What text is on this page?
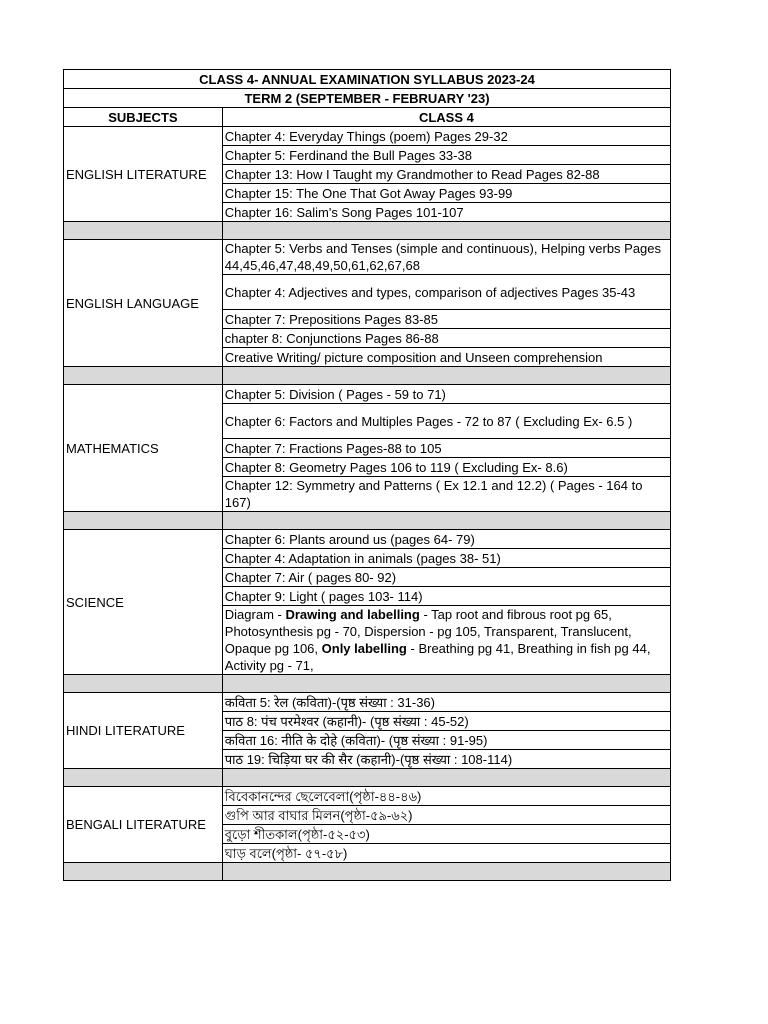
CLASS 4- ANNUAL EXAMINATION SYLLABUS 2023-24	
TERM 2 (SEPTEMBER - FEBRUARY '23)	
SUBJECTS	CLASS 4
ENGLISH LITERATURE	Chapter 4: Everyday Things (poem) Pages 29-32
	Chapter 5: Ferdinand the Bull Pages 33-38
	Chapter 13: How I Taught my Grandmother to Read Pages 82-88
	Chapter 15: The One That Got Away Pages 93-99
	Chapter 16: Salim's Song Pages 101-107

ENGLISH LANGUAGE	Chapter 5: Verbs and Tenses (simple and continuous), Helping verbs Pages 44,45,46,47,48,49,50,61,62,67,68
	Chapter 4: Adjectives and types, comparison of adjectives Pages 35-43
	Chapter 7: Prepositions Pages 83-85
	chapter 8: Conjunctions Pages 86-88
	Creative Writing/ picture composition and Unseen comprehension

MATHEMATICS	Chapter 5: Division ( Pages - 59 to 71)
	Chapter 6: Factors and Multiples Pages - 72 to 87 ( Excluding Ex- 6.5 )
	Chapter 7: Fractions Pages-88 to 105
	Chapter 8: Geometry Pages 106 to 119 ( Excluding Ex- 8.6)
	Chapter 12: Symmetry and Patterns ( Ex 12.1 and 12.2) ( Pages - 164 to 167)

SCIENCE	Chapter 6: Plants around us (pages 64- 79)
	Chapter 4: Adaptation in animals (pages 38- 51)
	Chapter 7: Air ( pages 80- 92)
	Chapter 9: Light ( pages 103- 114)
	Diagram - Drawing and labelling - Tap root and fibrous root pg 65, Photosynthesis pg - 70, Dispersion - pg 105, Transparent, Translucent, Opaque pg 106, Only labelling - Breathing pg 41, Breathing in fish pg 44, Activity pg - 71,

HINDI LITERATURE	कविता 5: रेल (कविता)-(पृष्ठ संख्या : 31-36)
	पाठ 8: पंच परमेश्वर (कहानी)- (पृष्ठ संख्या : 45-52)
	कविता 16: नीति के दोहे (कविता)- (पृष्ठ संख्या : 91-95)
	पाठ 19: चिड़िया घर की सैर (कहानी)-(पृष्ठ संख्या : 108-114)

BENGALI LITERATURE	বিবেকানন্দের ছেলেবেলা(পৃষ্ঠা-৪৪-৪৬)
	গুপি আর বাঘার মিলন(পৃষ্ঠা-৫৯-৬২)
	বুড়ো শীতকাল(পৃষ্ঠা-৫২-৫৩)
	ঘাড় বলে(পৃষ্ঠা- ৫৭-৫৮)
